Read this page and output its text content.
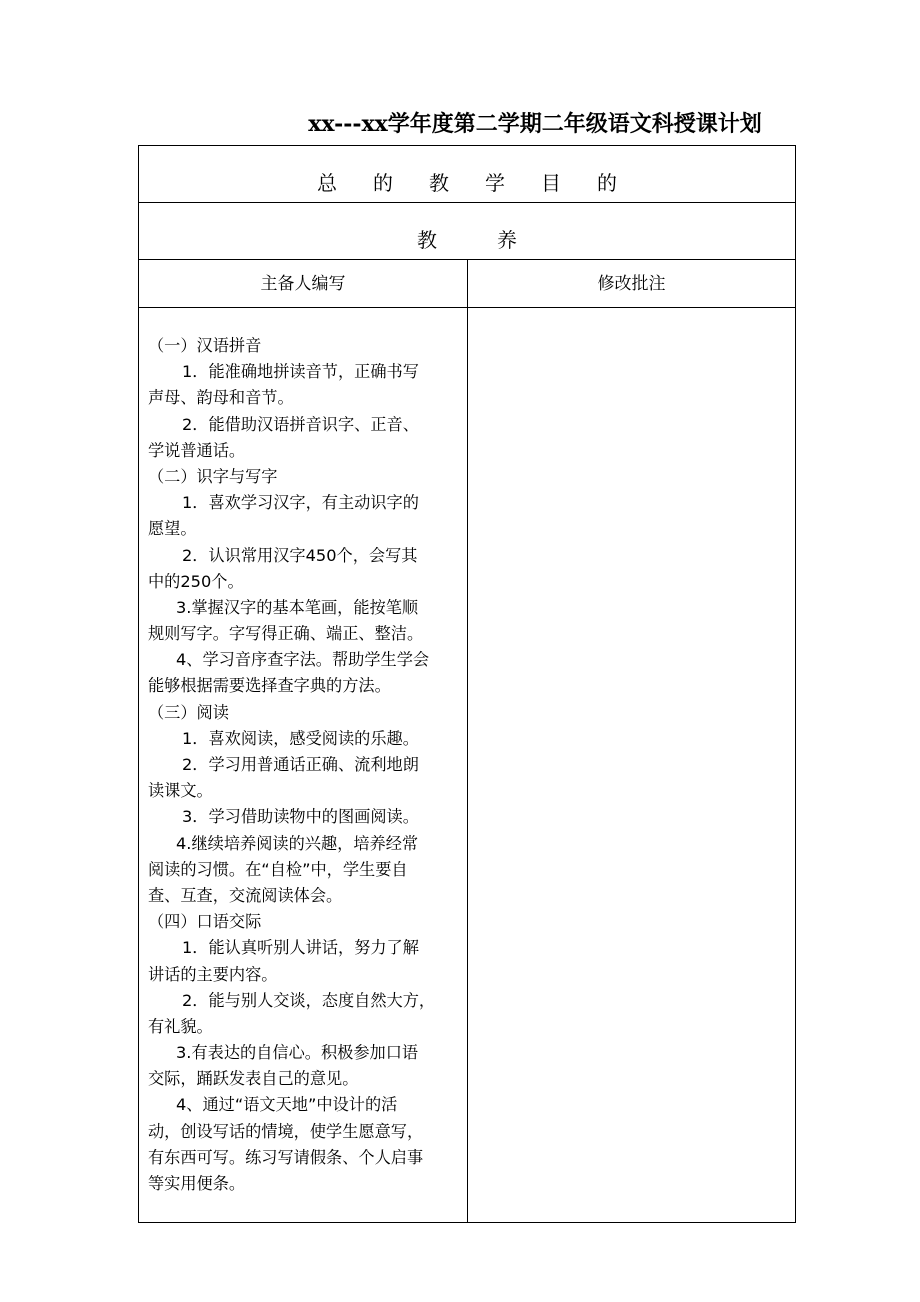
xx---xx学年度第二学期二年级语文科授课计划
总的教学目的
教养
主备人编写	修改批注
（一）汉语拼音
1．能准确地拼读音节，正确书写
声母、韵母和音节。
2．能借助汉语拼音识字、正音、
学说普通话。
（二）识字与写字
1．喜欢学习汉字，有主动识字的
愿望。
2．认识常用汉字450个，会写其
中的250个。
3.掌握汉字的基本笔画，能按笔顺
规则写字。字写得正确、端正、整洁。
4、学习音序查字法。帮助学生学会
能够根据需要选择查字典的方法。
（三）阅读
1．喜欢阅读，感受阅读的乐趣。
2．学习用普通话正确、流利地朗
读课文。
3．学习借助读物中的图画阅读。
4.继续培养阅读的兴趣，培养经常
阅读的习惯。在“自检”中，学生要自
查、互查，交流阅读体会。
（四）口语交际
1．能认真听别人讲话，努力了解
讲话的主要内容。
2．能与别人交谈，态度自然大方，
有礼貌。
3.有表达的自信心。积极参加口语
交际，踊跃发表自己的意见。
4、通过“语文天地”中设计的活
动，创设写话的情境，使学生愿意写，
有东西可写。练习写请假条、个人启事
等实用便条。
